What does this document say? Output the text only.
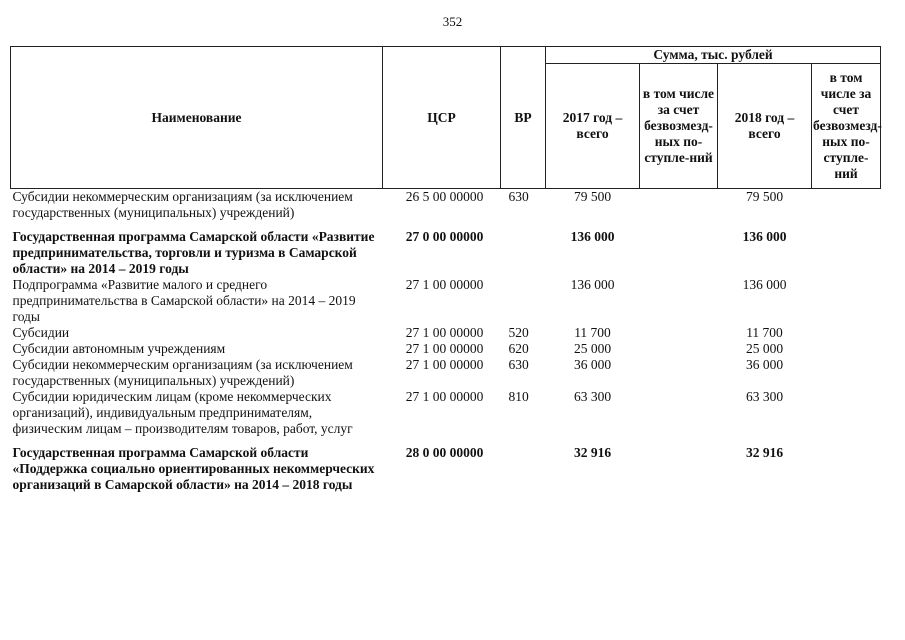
352
Наименование	ЦСР	ВР	Сумма, тыс. рублей			
			2017 год – всего	в том числе за счет безвозмезд-ных по-ступле-ний	2018 год – всего	в том числе за счет безвозмезд-ных по-ступле-ний
Субсидии некоммерческим организациям (за исключением государственных (муниципальных) учреждений)	26 5 00 00000	630	79 500		79 500	
Государственная программа Самарской области «Развитие предпринимательства, торговли и туризма в Самарской области» на 2014 – 2019 годы	27 0 00 00000		136 000		136 000	
Подпрограмма «Развитие малого и среднего предпринимательства в Самарской области» на 2014 – 2019 годы	27 1 00 00000		136 000		136 000	
Субсидии	27 1 00 00000	520	11 700		11 700	
Субсидии автономным учреждениям	27 1 00 00000	620	25 000		25 000	
Субсидии некоммерческим организациям (за исключением государственных (муниципальных) учреждений)	27 1 00 00000	630	36 000		36 000	
Субсидии юридическим лицам (кроме некоммерческих организаций), индивидуальным предпринимателям, физическим лицам – производителям товаров, работ, услуг	27 1 00 00000	810	63 300		63 300	
Государственная программа Самарской области «Поддержка социально ориентированных некоммерческих организаций в Самарской области» на 2014 – 2018 годы	28 0 00 00000		32 916		32 916	
